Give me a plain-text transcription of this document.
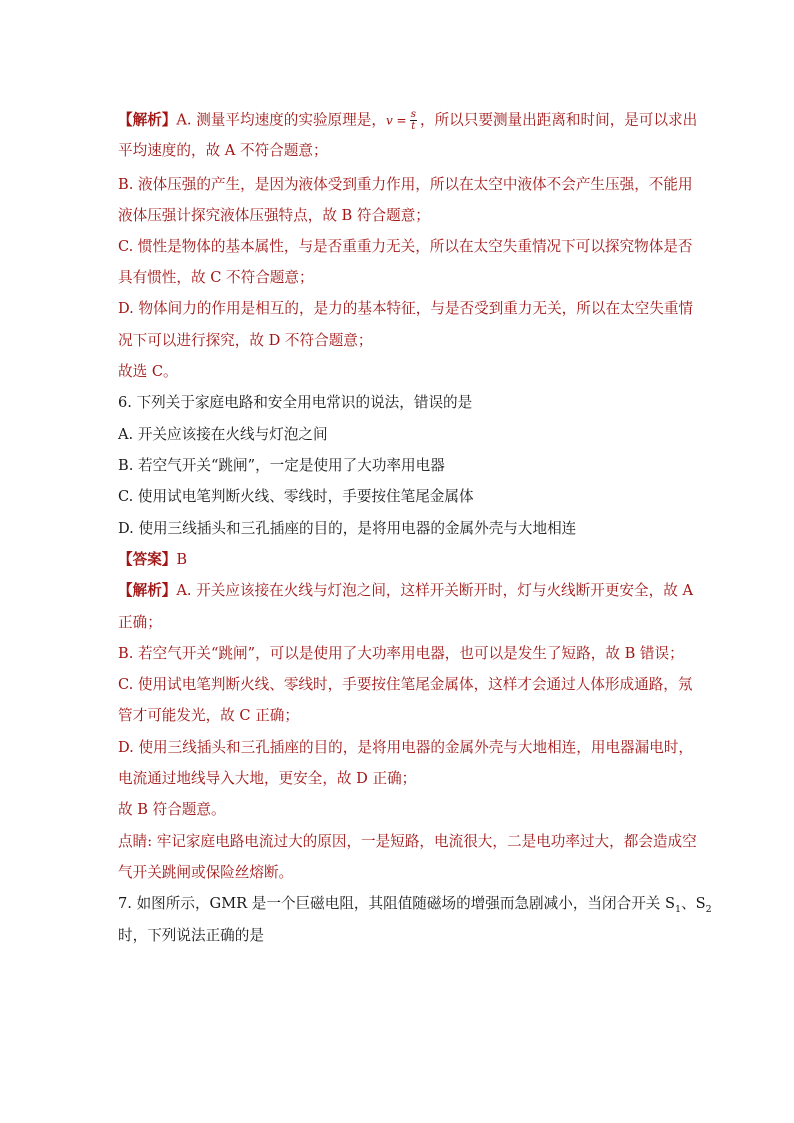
【解析】A. 测量平均速度的实验原理是，$v = \frac{s}{t}$ ，所以只要测量出距离和时间，是可以求出
平均速度的，故 A 不符合题意；
B. 液体压强的产生，是因为液体受到重力作用，所以在太空中液体不会产生压强，不能用
液体压强计探究液体压强特点，故 B 符合题意；
C. 惯性是物体的基本属性，与是否重重力无关，所以在太空失重情况下可以探究物体是否
具有惯性，故 C 不符合题意；
D. 物体间力的作用是相互的，是力的基本特征，与是否受到重力无关，所以在太空失重情
况下可以进行探究，故 D 不符合题意；
故选 C。
6. 下列关于家庭电路和安全用电常识的说法，错误的是
A. 开关应该接在火线与灯泡之间
B. 若空气开关“跳闸”，一定是使用了大功率用电器
C. 使用试电笔判断火线、零线时，手要按住笔尾金属体
D. 使用三线插头和三孔插座的目的，是将用电器的金属外壳与大地相连
【答案】B
【解析】A. 开关应该接在火线与灯泡之间，这样开关断开时，灯与火线断开更安全，故 A
正确；
B. 若空气开关“跳闸”，可以是使用了大功率用电器，也可以是发生了短路，故 B 错误；
C. 使用试电笔判断火线、零线时，手要按住笔尾金属体，这样才会通过人体形成通路，氖
管才可能发光，故 C 正确；
D. 使用三线插头和三孔插座的目的，是将用电器的金属外壳与大地相连，用电器漏电时，
电流通过地线导入大地，更安全，故 D 正确；
故 B 符合题意。
点睛: 牢记家庭电路电流过大的原因，一是短路，电流很大，二是电功率过大，都会造成空
气开关跳闸或保险丝熔断。
7. 如图所示，GMR 是一个巨磁电阻，其阻值随磁场的增强而急剧减小，当闭合开关 $S_1$、$S_2$
时，下列说法正确的是
